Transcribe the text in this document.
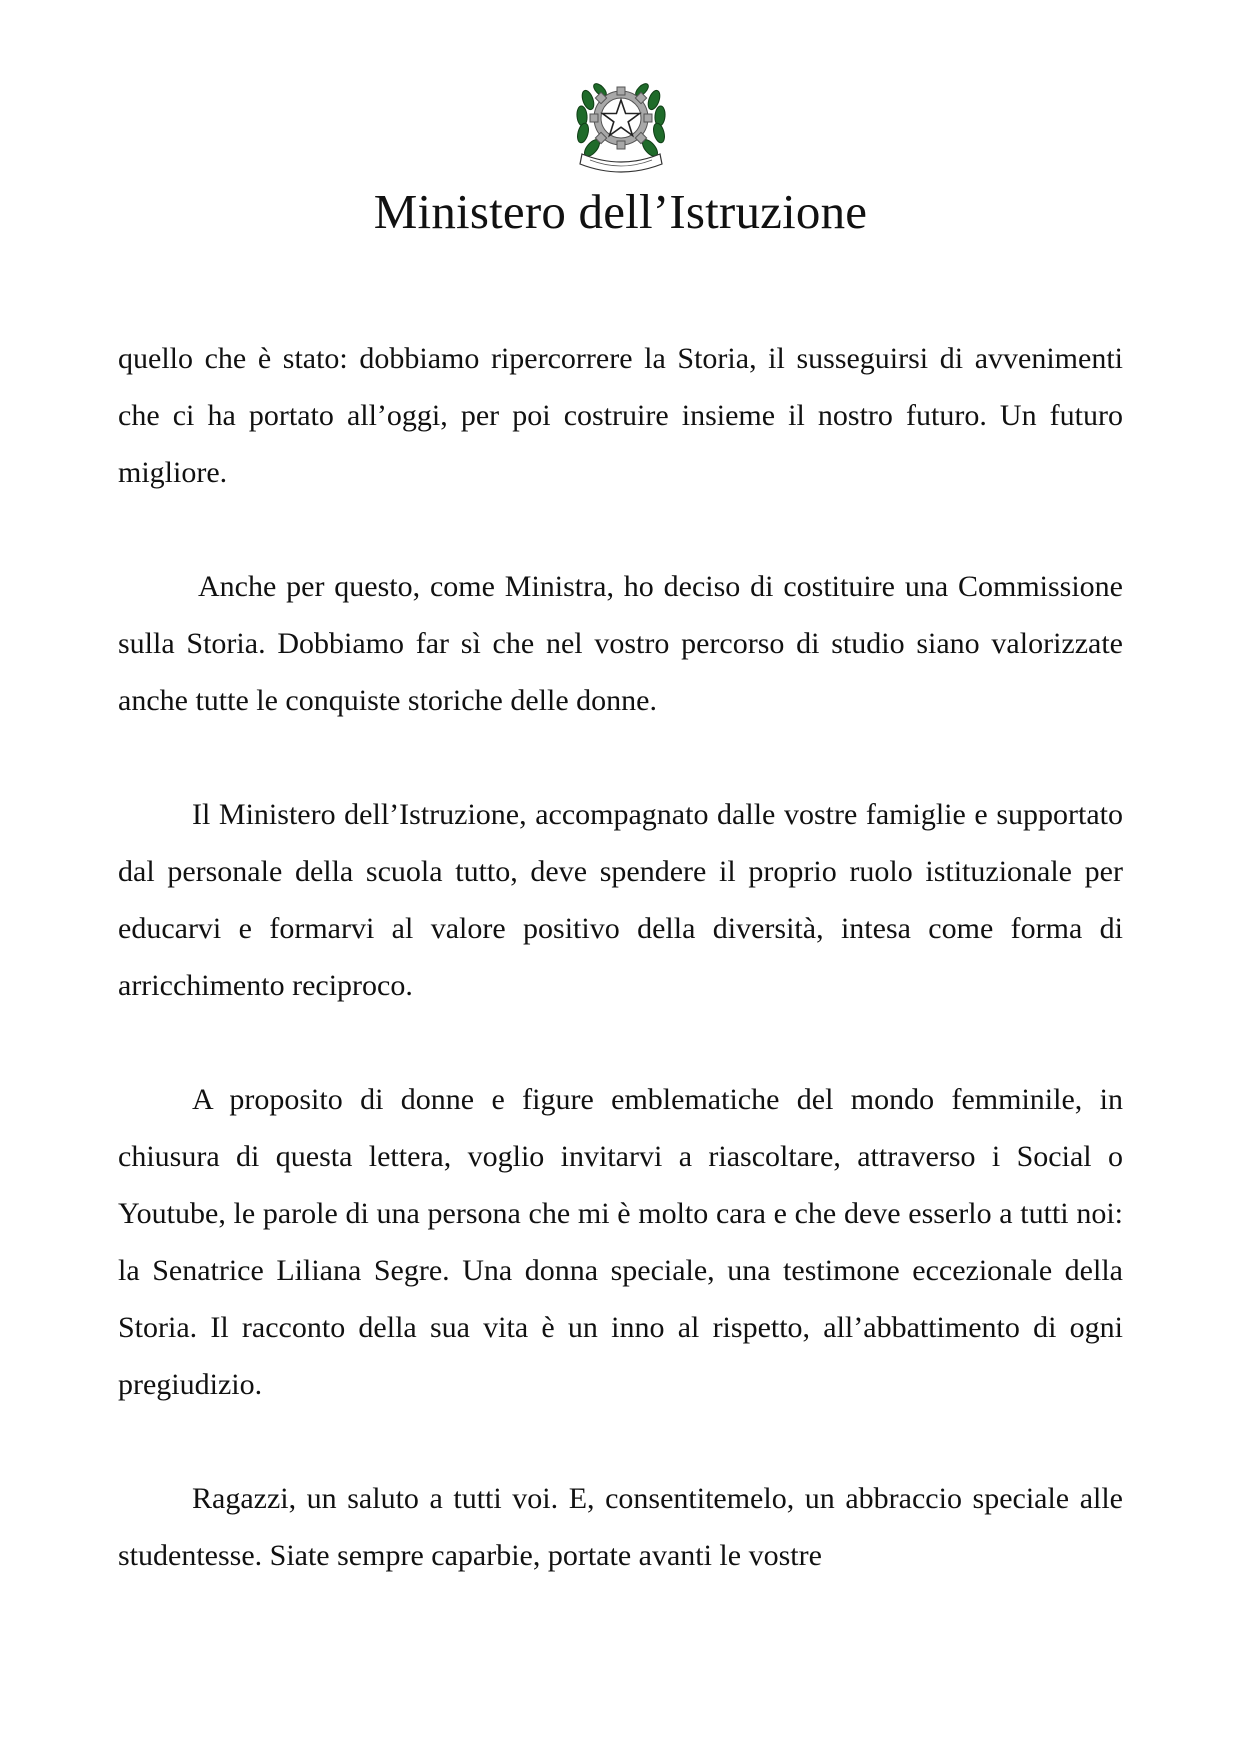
Ministero dell’Istruzione

quello che è stato: dobbiamo ripercorrere la Storia, il susseguirsi di avvenimenti che ci ha portato all’oggi, per poi costruire insieme il nostro futuro. Un futuro migliore.

Anche per questo, come Ministra, ho deciso di costituire una Commissione sulla Storia. Dobbiamo far sì che nel vostro percorso di studio siano valorizzate anche tutte le conquiste storiche delle donne.

Il Ministero dell’Istruzione, accompagnato dalle vostre famiglie e supportato dal personale della scuola tutto, deve spendere il proprio ruolo istituzionale per educarvi e formarvi al valore positivo della diversità, intesa come forma di arricchimento reciproco.

A proposito di donne e figure emblematiche del mondo femminile, in chiusura di questa lettera, voglio invitarvi a riascoltare, attraverso i Social o Youtube, le parole di una persona che mi è molto cara e che deve esserlo a tutti noi: la Senatrice Liliana Segre. Una donna speciale, una testimone eccezionale della Storia. Il racconto della sua vita è un inno al rispetto, all’abbattimento di ogni pregiudizio.

Ragazzi, un saluto a tutti voi. E, consentitemelo, un abbraccio speciale alle studentesse. Siate sempre caparbie, portate avanti le vostre
